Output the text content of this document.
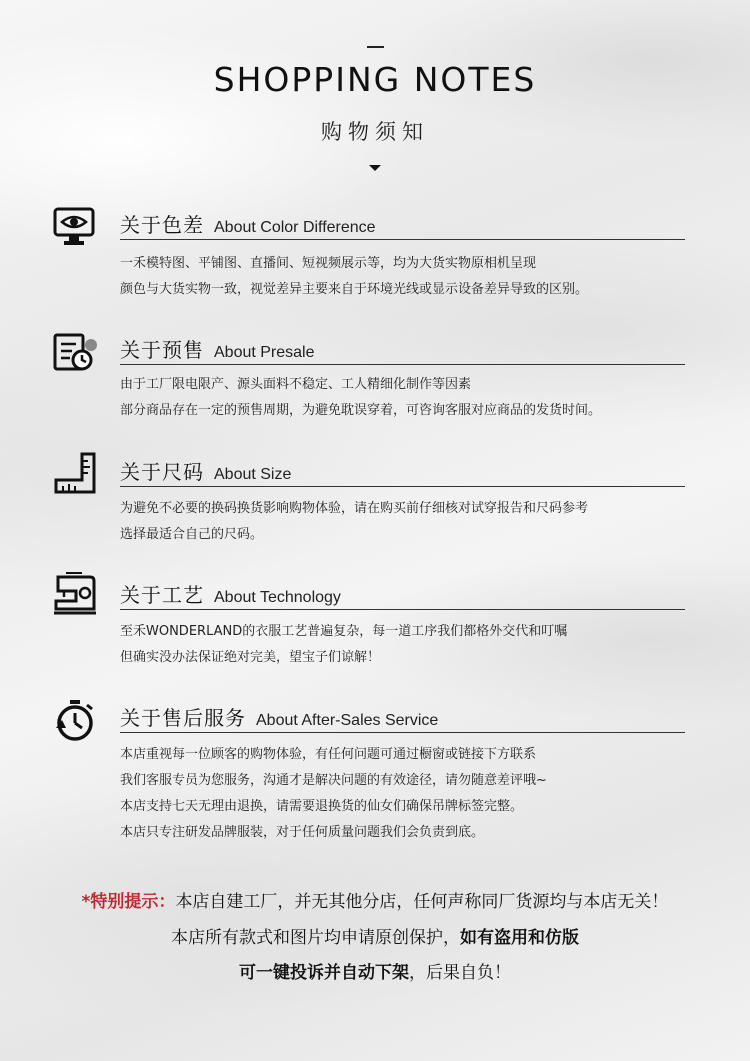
SHOPPING NOTES
购物须知
关于色差 About Color Difference
一禾模特图、平铺图、直播间、短视频展示等，均为大货实物原相机呈现
颜色与大货实物一致，视觉差异主要来自于环境光线或显示设备差异导致的区别。
关于预售 About Presale
由于工厂限电限产、源头面料不稳定、工人精细化制作等因素
部分商品存在一定的预售周期，为避免耽误穿着，可咨询客服对应商品的发货时间。
关于尺码 About Size
为避免不必要的换码换货影响购物体验，请在购买前仔细核对试穿报告和尺码参考
选择最适合自己的尺码。
关于工艺 About Technology
至禾WONDERLAND的衣服工艺普遍复杂，每一道工序我们都格外交代和叮嘱
但确实没办法保证绝对完美，望宝子们谅解！
关于售后服务 About After-Sales Service
本店重视每一位顾客的购物体验，有任何问题可通过橱窗或链接下方联系
我们客服专员为您服务，沟通才是解决问题的有效途径，请勿随意差评哦~
本店支持七天无理由退换，请需要退换货的仙女们确保吊牌标签完整。
本店只专注研发品牌服装，对于任何质量问题我们会负责到底。
*特别提示：本店自建工厂，并无其他分店，任何声称同厂货源均与本店无关！
本店所有款式和图片均申请原创保护，如有盗用和仿版
可一键投诉并自动下架，后果自负！
